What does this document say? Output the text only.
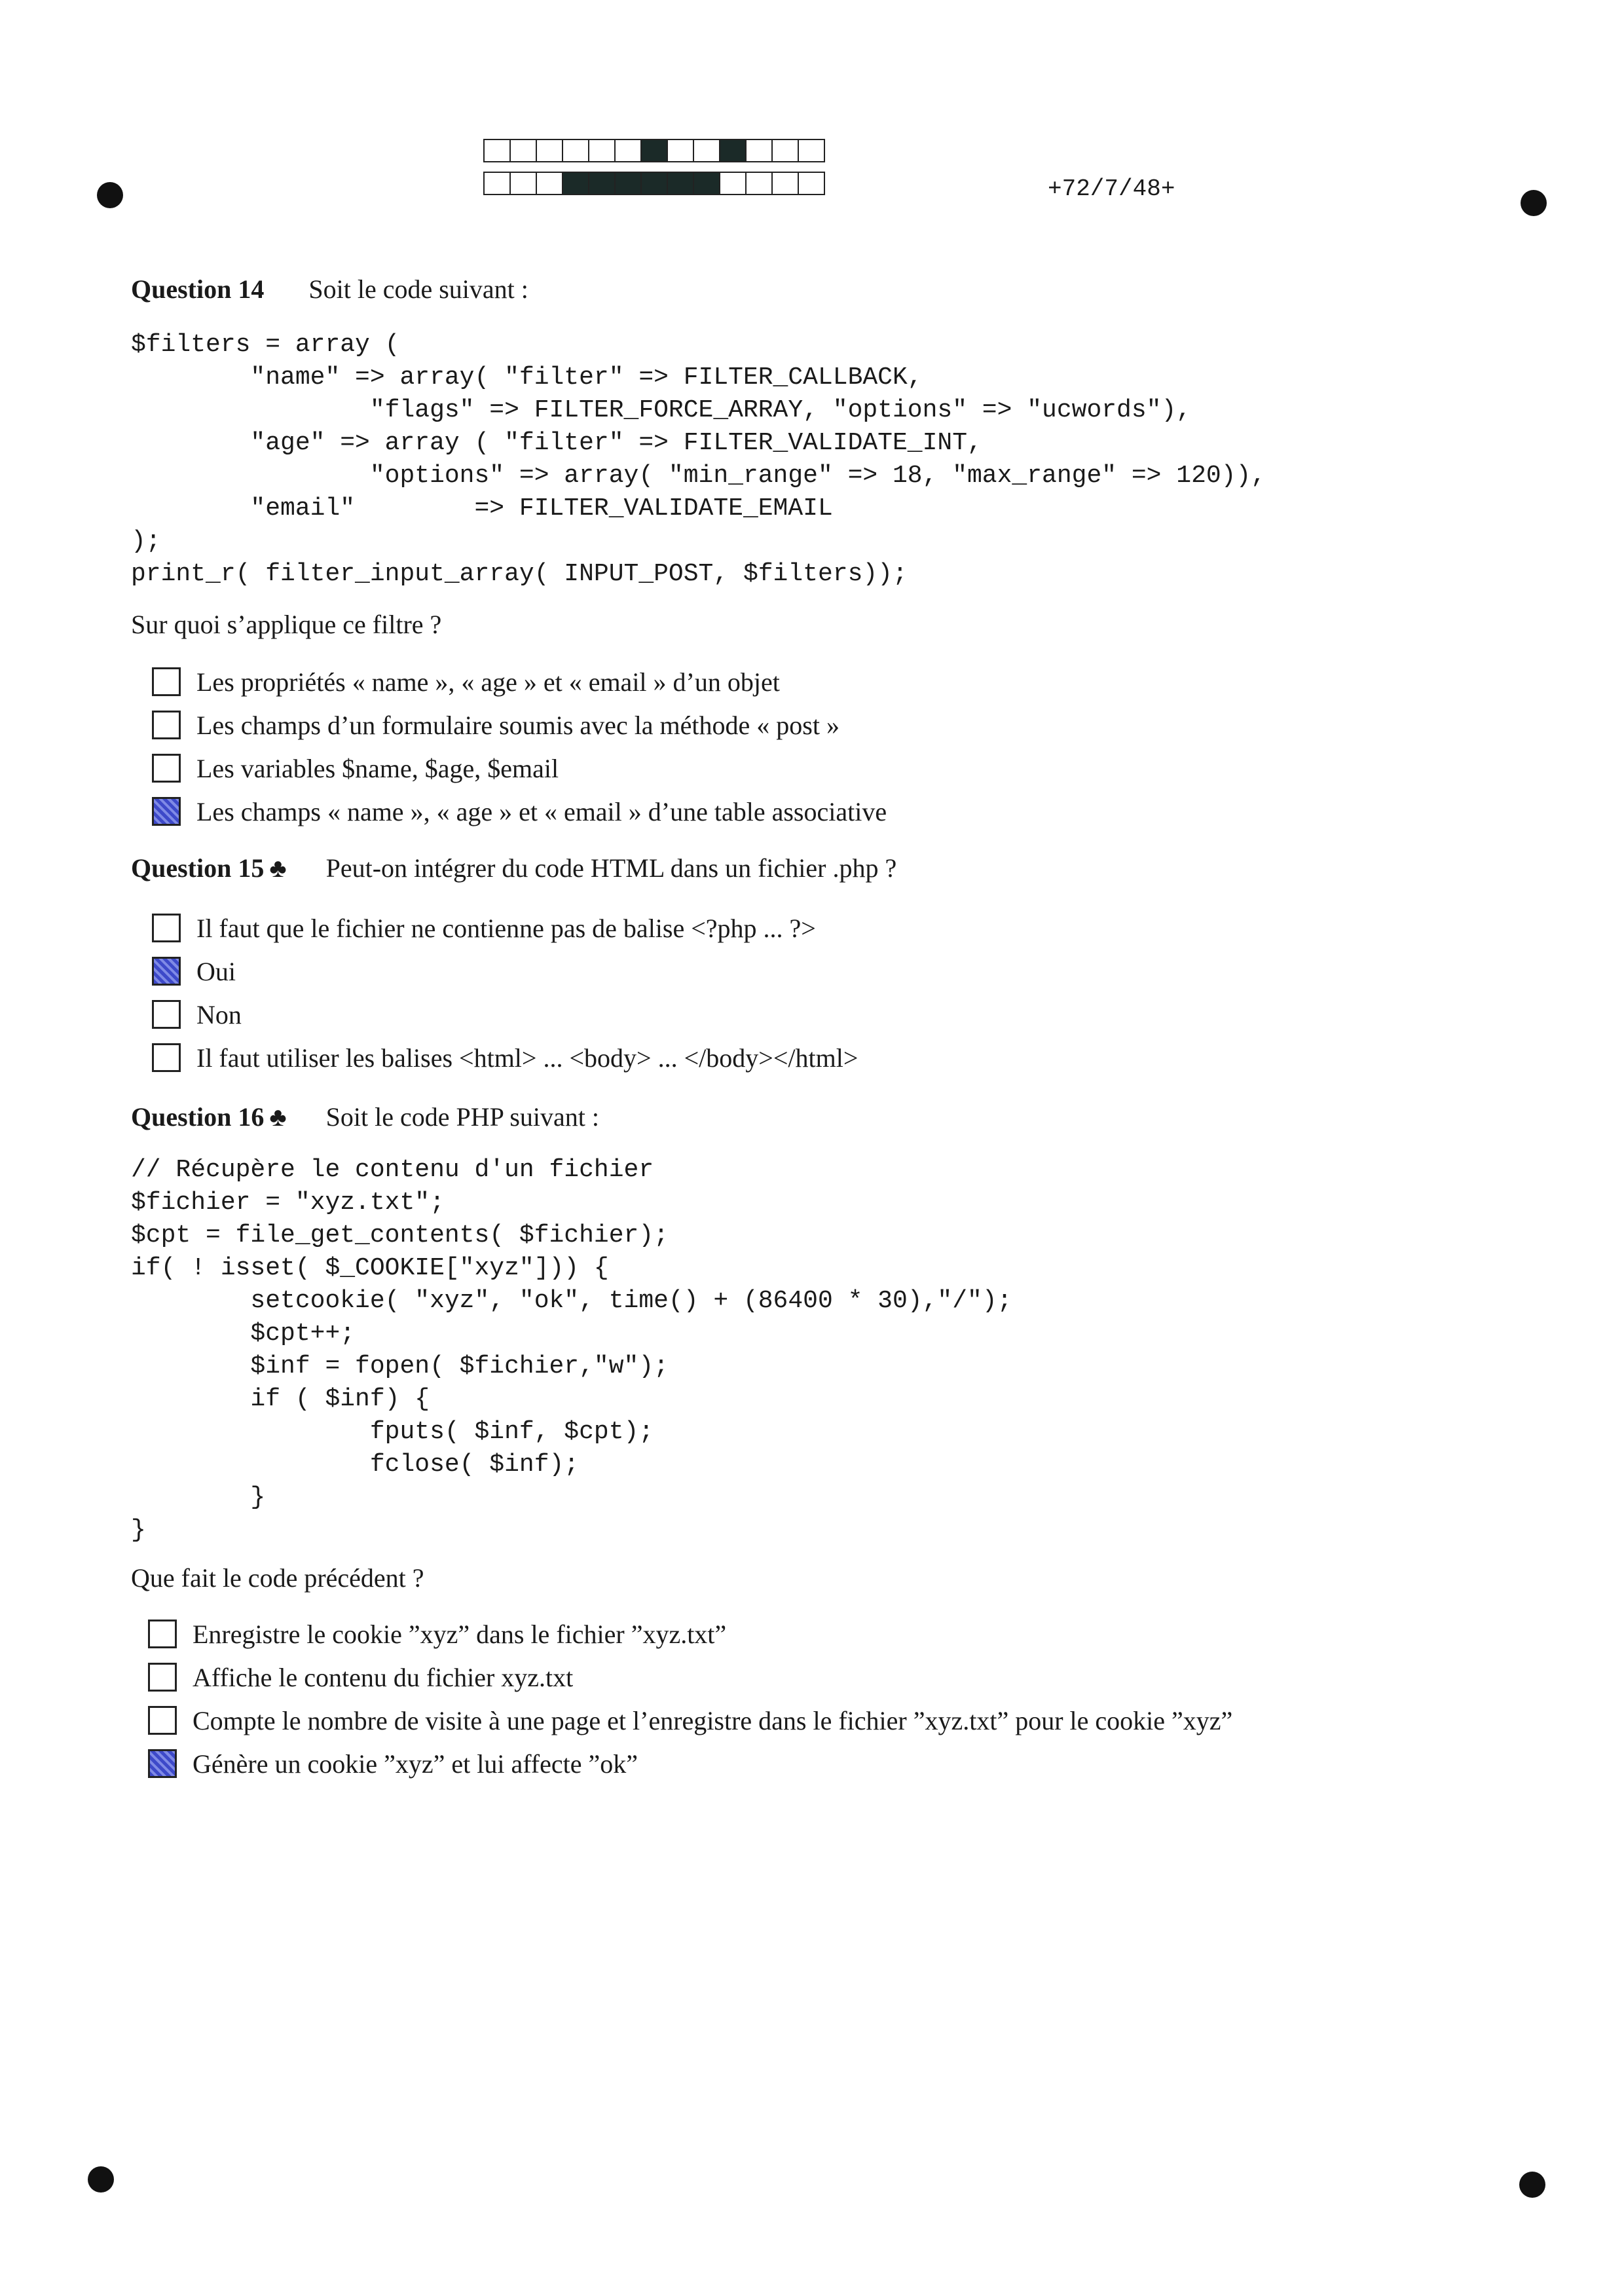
+72/7/48+
Question 14 Soit le code suivant :
$filters = array (
"name" => array( "filter" => FILTER_CALLBACK,
"flags" => FILTER_FORCE_ARRAY, "options" => "ucwords"),
"age" => array ( "filter" => FILTER_VALIDATE_INT,
"options" => array( "min_range" => 18, "max_range" => 120)),
"email"        => FILTER_VALIDATE_EMAIL
);
print_r( filter_input_array( INPUT_POST, $filters));
Sur quoi s’applique ce filtre ?
Les propriétés « name », « age » et « email » d’un objet
Les champs d’un formulaire soumis avec la méthode « post »
Les variables $name, $age, $email
Les champs « name », « age » et « email » d’une table associative
Question 15 ♣ Peut-on intégrer du code HTML dans un fichier .php ?
Il faut que le fichier ne contienne pas de balise <?php ... ?>
Oui
Non
Il faut utiliser les balises <html> ... <body> ... </body></html>
Question 16 ♣ Soit le code PHP suivant :
// Récupère le contenu d'un fichier
$fichier = "xyz.txt";
$cpt = file_get_contents( $fichier);
if( ! isset( $_COOKIE["xyz"])) {
setcookie( "xyz", "ok", time() + (86400 * 30),"/");
$cpt++;
$inf = fopen( $fichier,"w");
if ( $inf) {
fputs( $inf, $cpt);
fclose( $inf);
}
}
Que fait le code précédent ?
Enregistre le cookie ”xyz” dans le fichier ”xyz.txt”
Affiche le contenu du fichier xyz.txt
Compte le nombre de visite à une page et l’enregistre dans le fichier ”xyz.txt” pour le cookie ”xyz”
Génère un cookie ”xyz” et lui affecte ”ok”
